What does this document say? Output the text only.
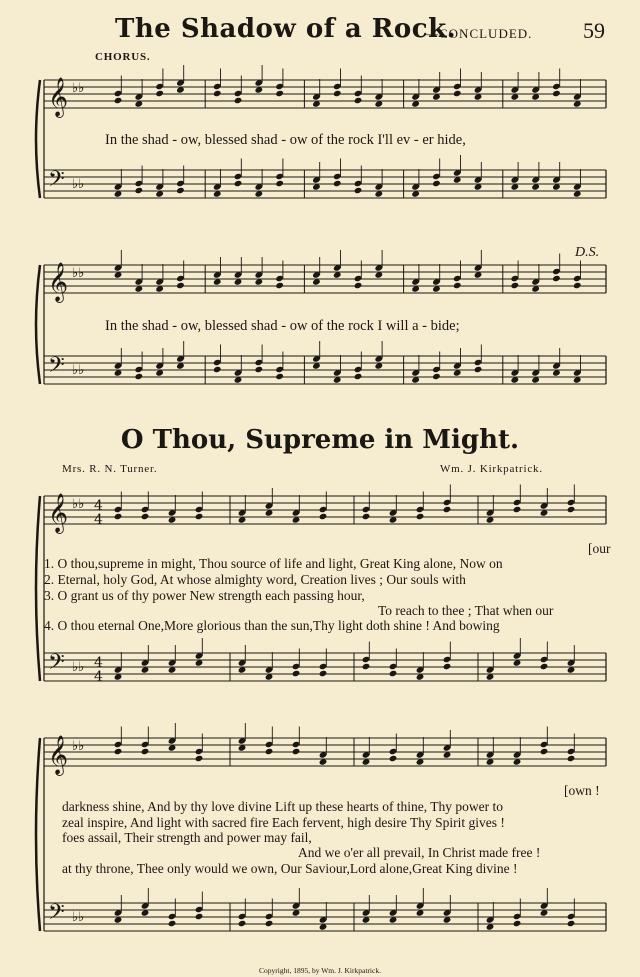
𝄞
𝄢
♭♭
♭♭
𝄞
𝄢
♭♭
♭♭
𝄞
𝄢
♭♭
♭♭
4
4
4
4
𝄞
𝄢
♭♭
♭♭
The Shadow of a Rock.
—CONCLUDED. 59
CHORUS.
In the shad - ow, blessed shad - ow of the rock I'll ev - er hide,
In the shad - ow, blessed shad - ow of the rock I will a - bide;
D.S.
O Thou, Supreme in Might.
Mrs. R. N. Turner.	Wm. J. Kirkpatrick.
[our
1. O thou,supreme in might, Thou source of life and light, Great King alone, Now on
2. Eternal, holy God, At whose almighty word, Creation lives ; Our souls with
3. O grant us of thy power New strength each passing hour,
To reach to thee ; That when our
4. O thou eternal One,More glorious than the sun,Thy light doth shine ! And bowing
darkness shine, And by thy love divine Lift up these hearts of thine, Thy power to
zeal inspire, And light with sacred fire Each fervent, high desire Thy Spirit gives !
foes assail, Their strength and power may fail,
And we o'er all prevail, In Christ made free !
at thy throne, Thee only would we own, Our Saviour,Lord alone,Great King divine !
[own !
Copyright, 1895, by Wm. J. Kirkpatrick.
